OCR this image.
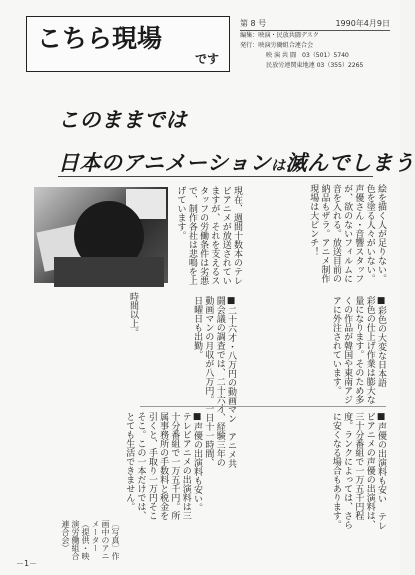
こちら現場
です
第 8 号	1990年4月9日
編集：映演・民放共闘デスク
発行：映演労働組合連合会
映 演 共 闘　03（501）5740
民放労連関東地連 03（355）2265
このままでは
日本のアニメーションは滅んでしまう

絵を描く人が足りない。色を塗る人々がいない。声優さん・音響スタッフが、欲のないフィルムに音を入れる。放送目前の納品もザラ。アニメ制作現場は大ピンチ！

現在、週間十数本のテレビアニメが放送されていますが、それを支えるスタッフの労働条件は劣悪で、制作各社は悲鳴を上げています。

時間以上。	■二十六才・八万円の動画マン　アニメ共闘会議の調査では、二十六才、経験三年の動画マンの月収が八万円。一日十一時間、日曜日も出勤。	■彩色の大変な日本語　彩色の仕上げ作業は膨大な量になります。そのため多くの作品が韓国や東南アジアに外注されています。

■声優の出演料も安い　テレビアニメの声優の出演料は、三十分番組で一万五千円程度。ランクによっては、さらに安くなる場合もあります。

■声優の出演料も安い。テレビアニメの出演料は三十分番組で一万五千円。所属事務所の手数料と税金を引くと、手取り一万円そこそこ。この一本だけでは、とても生活できません。

〔写真〕作画中のアニメーター（提供・映演労働組合連合会）
－1－
